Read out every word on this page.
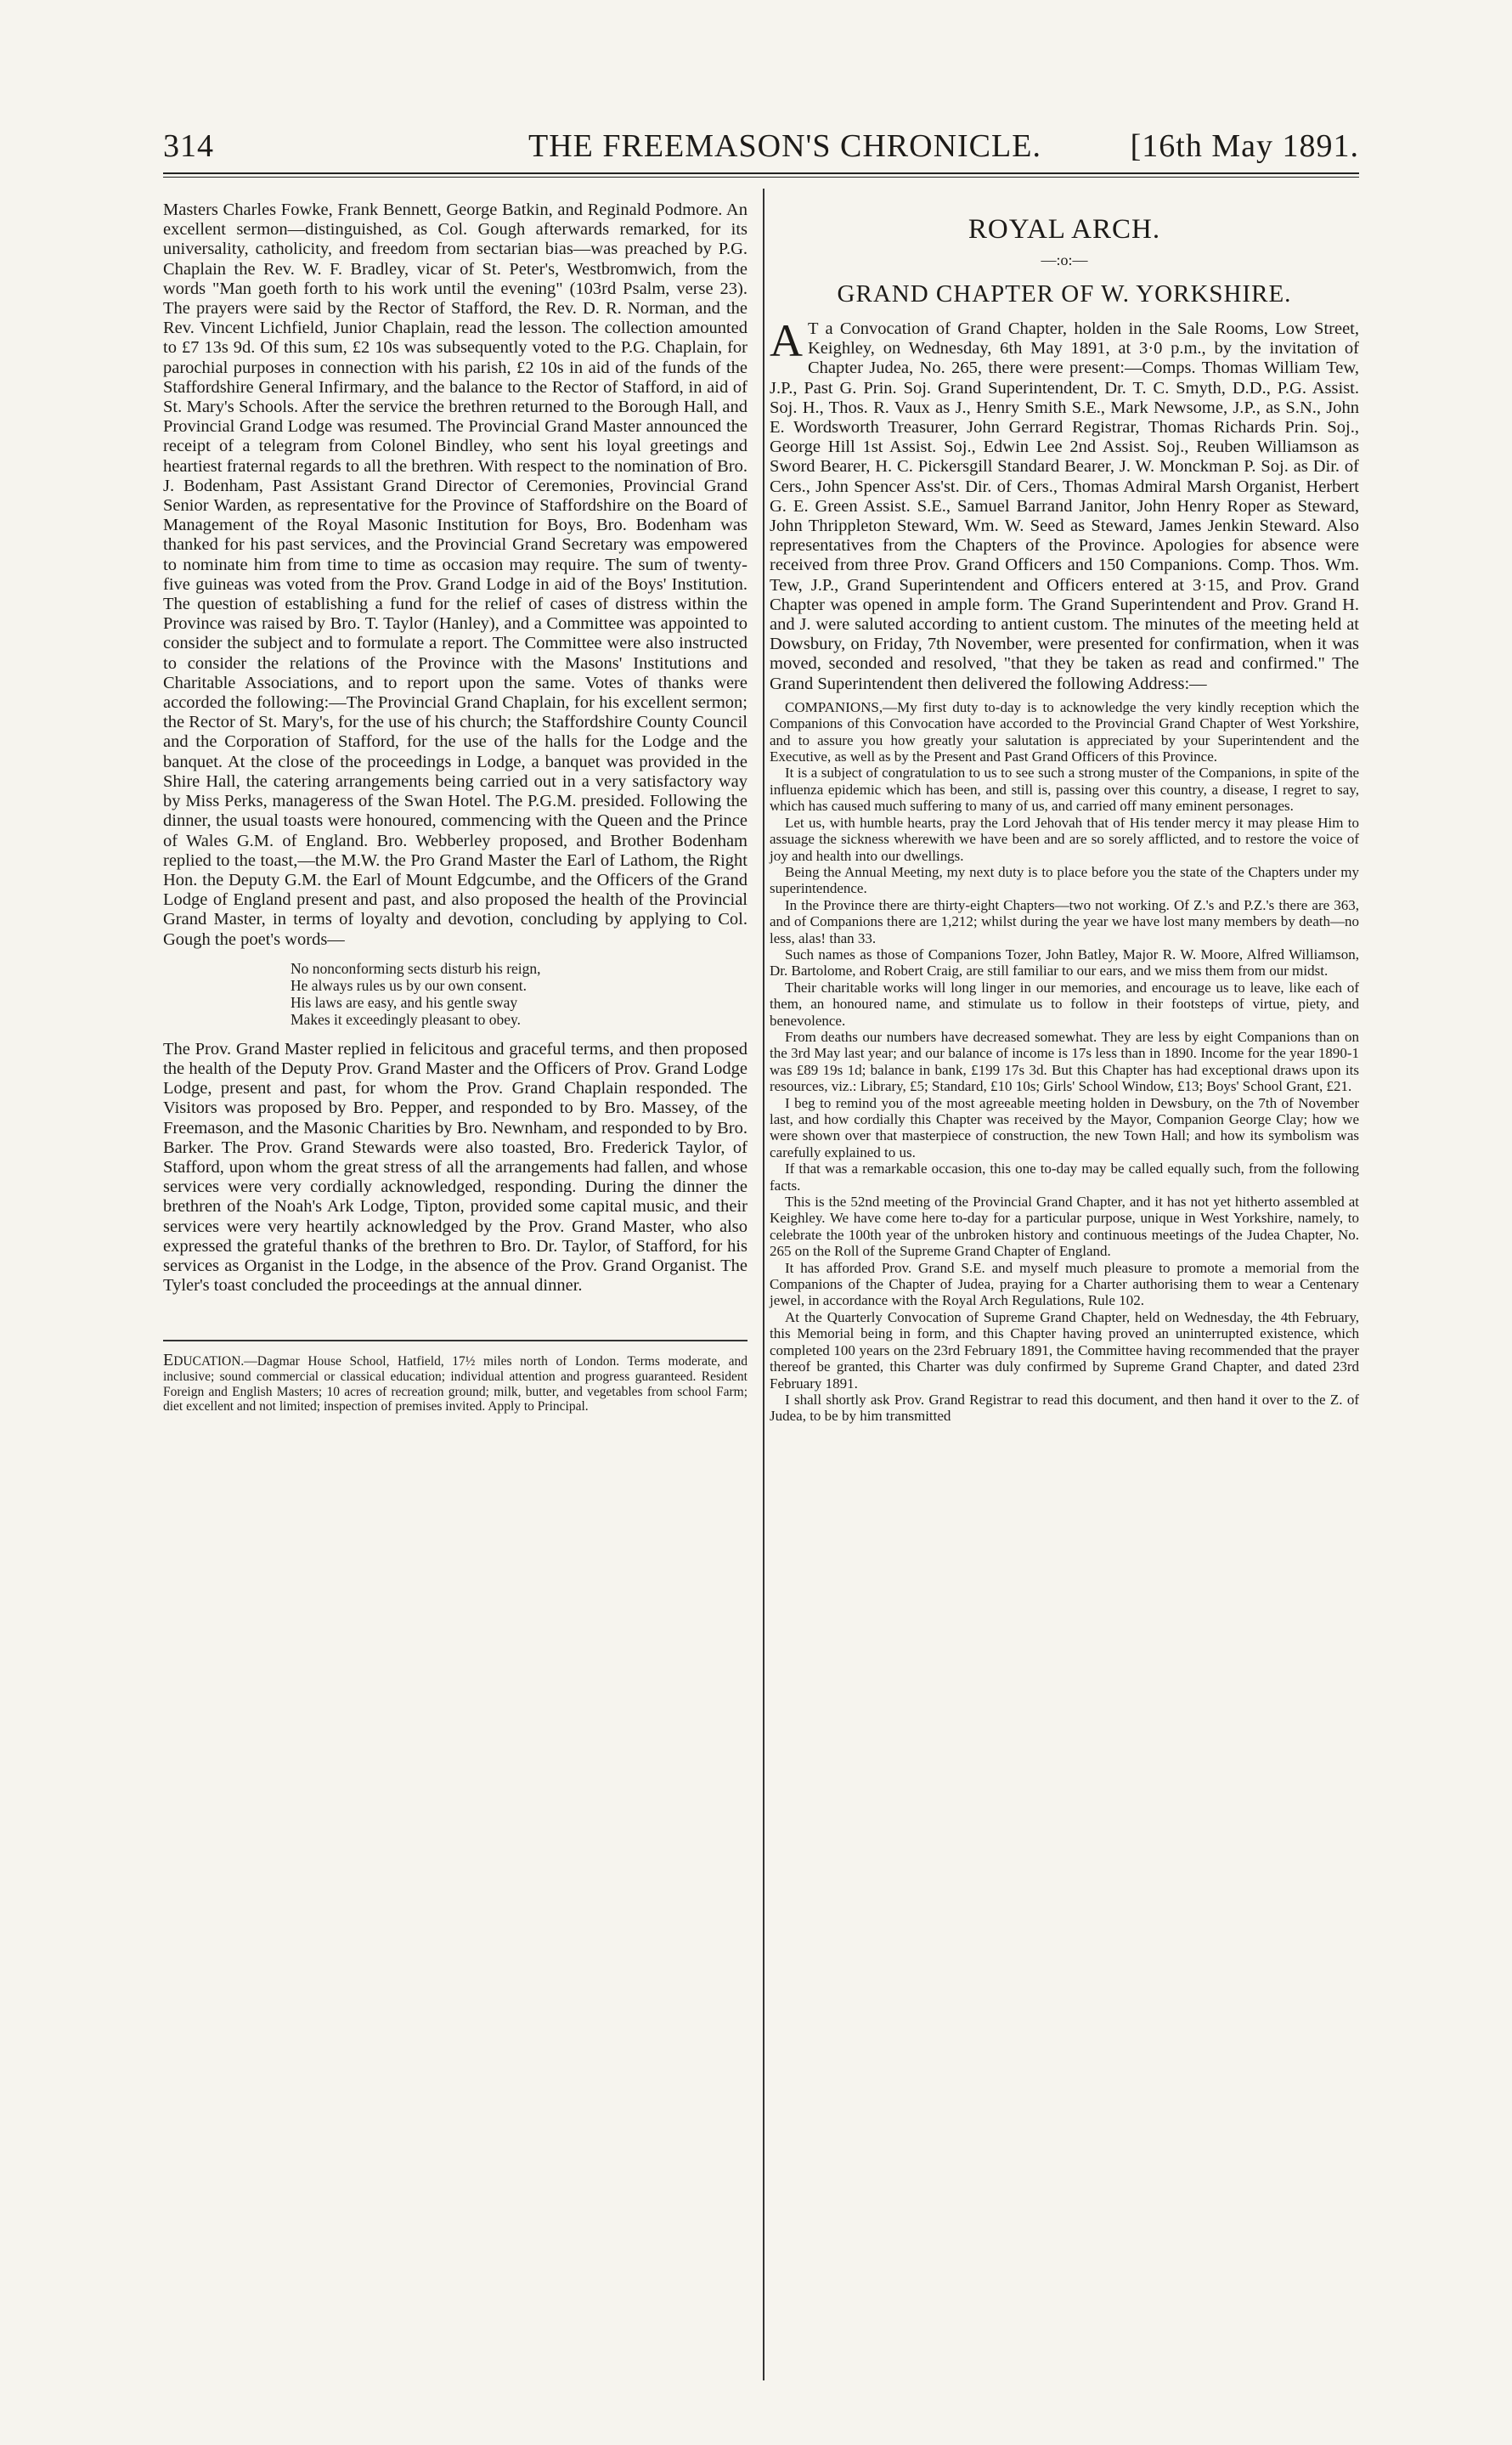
314	THE FREEMASON'S CHRONICLE.	[16th May 1891.

Masters Charles Fowke, Frank Bennett, George Batkin, and Reginald Podmore. An excellent sermon—distinguished, as Col. Gough afterwards remarked, for its universality, catholicity, and freedom from sectarian bias—was preached by P.G. Chaplain the Rev. W. F. Bradley, vicar of St. Peter's, Westbromwich, from the words "Man goeth forth to his work until the evening" (103rd Psalm, verse 23). The prayers were said by the Rector of Stafford, the Rev. D. R. Norman, and the Rev. Vincent Lichfield, Junior Chaplain, read the lesson. The collection amounted to £7 13s 9d. Of this sum, £2 10s was subsequently voted to the P.G. Chaplain, for parochial purposes in connection with his parish, £2 10s in aid of the funds of the Staffordshire General Infirmary, and the balance to the Rector of Stafford, in aid of St. Mary's Schools. After the service the brethren returned to the Borough Hall, and Provincial Grand Lodge was resumed. The Provincial Grand Master announced the receipt of a telegram from Colonel Bindley, who sent his loyal greetings and heartiest fraternal regards to all the brethren. With respect to the nomination of Bro. J. Bodenham, Past Assistant Grand Director of Ceremonies, Provincial Grand Senior Warden, as representative for the Province of Staffordshire on the Board of Management of the Royal Masonic Institution for Boys, Bro. Bodenham was thanked for his past services, and the Provincial Grand Secretary was empowered to nominate him from time to time as occasion may require. The sum of twenty-five guineas was voted from the Prov. Grand Lodge in aid of the Boys' Institution. The question of establishing a fund for the relief of cases of distress within the Province was raised by Bro. T. Taylor (Hanley), and a Committee was appointed to consider the subject and to formulate a report. The Committee were also instructed to consider the relations of the Province with the Masons' Institutions and Charitable Associations, and to report upon the same. Votes of thanks were accorded the following:—The Provincial Grand Chaplain, for his excellent sermon; the Rector of St. Mary's, for the use of his church; the Staffordshire County Council and the Corporation of Stafford, for the use of the halls for the Lodge and the banquet. At the close of the proceedings in Lodge, a banquet was provided in the Shire Hall, the catering arrangements being carried out in a very satisfactory way by Miss Perks, manageress of the Swan Hotel. The P.G.M. presided. Following the dinner, the usual toasts were honoured, commencing with the Queen and the Prince of Wales G.M. of England. Bro. Webberley proposed, and Brother Bodenham replied to the toast,—the M.W. the Pro Grand Master the Earl of Lathom, the Right Hon. the Deputy G.M. the Earl of Mount Edgcumbe, and the Officers of the Grand Lodge of England present and past, and also proposed the health of the Provincial Grand Master, in terms of loyalty and devotion, concluding by applying to Col. Gough the poet's words—

No nonconforming sects disturb his reign,
He always rules us by our own consent.
His laws are easy, and his gentle sway
Makes it exceedingly pleasant to obey.

The Prov. Grand Master replied in felicitous and graceful terms, and then proposed the health of the Deputy Prov. Grand Master and the Officers of Prov. Grand Lodge Lodge, present and past, for whom the Prov. Grand Chaplain responded. The Visitors was proposed by Bro. Pepper, and responded to by Bro. Massey, of the Freemason, and the Masonic Charities by Bro. Newnham, and responded to by Bro. Barker. The Prov. Grand Stewards were also toasted, Bro. Frederick Taylor, of Stafford, upon whom the great stress of all the arrangements had fallen, and whose services were very cordially acknowledged, responding. During the dinner the brethren of the Noah's Ark Lodge, Tipton, provided some capital music, and their services were very heartily acknowledged by the Prov. Grand Master, who also expressed the grateful thanks of the brethren to Bro. Dr. Taylor, of Stafford, for his services as Organist in the Lodge, in the absence of the Prov. Grand Organist. The Tyler's toast concluded the proceedings at the annual dinner.

EDUCATION.—Dagmar House School, Hatfield, 17½ miles north of London. Terms moderate, and inclusive; sound commercial or classical education; individual attention and progress guaranteed. Resident Foreign and English Masters; 10 acres of recreation ground; milk, butter, and vegetables from school Farm; diet excellent and not limited; inspection of premises invited. Apply to Principal.

ROYAL ARCH.
—:o:—
GRAND CHAPTER OF W. YORKSHIRE.

A T a Convocation of Grand Chapter, holden in the Sale Rooms, Low Street, Keighley, on Wednesday, 6th May 1891, at 3·0 p.m., by the invitation of Chapter Judea, No. 265, there were present:—Comps. Thomas William Tew, J.P., Past G. Prin. Soj. Grand Superintendent, Dr. T. C. Smyth, D.D., P.G. Assist. Soj. H., Thos. R. Vaux as J., Henry Smith S.E., Mark Newsome, J.P., as S.N., John E. Wordsworth Treasurer, John Gerrard Registrar, Thomas Richards Prin. Soj., George Hill 1st Assist. Soj., Edwin Lee 2nd Assist. Soj., Reuben Williamson as Sword Bearer, H. C. Pickersgill Standard Bearer, J. W. Monckman P. Soj. as Dir. of Cers., John Spencer Ass'st. Dir. of Cers., Thomas Admiral Marsh Organist, Herbert G. E. Green Assist. S.E., Samuel Barrand Janitor, John Henry Roper as Steward, John Thrippleton Steward, Wm. W. Seed as Steward, James Jenkin Steward. Also representatives from the Chapters of the Province. Apologies for absence were received from three Prov. Grand Officers and 150 Companions. Comp. Thos. Wm. Tew, J.P., Grand Superintendent and Officers entered at 3·15, and Prov. Grand Chapter was opened in ample form. The Grand Superintendent and Prov. Grand H. and J. were saluted according to antient custom. The minutes of the meeting held at Dowsbury, on Friday, 7th November, were presented for confirmation, when it was moved, seconded and resolved, "that they be taken as read and confirmed." The Grand Superintendent then delivered the following Address:—

COMPANIONS,—My first duty to-day is to acknowledge the very kindly reception which the Companions of this Convocation have accorded to the Provincial Grand Chapter of West Yorkshire, and to assure you how greatly your salutation is appreciated by your Superintendent and the Executive, as well as by the Present and Past Grand Officers of this Province.

It is a subject of congratulation to us to see such a strong muster of the Companions, in spite of the influenza epidemic which has been, and still is, passing over this country, a disease, I regret to say, which has caused much suffering to many of us, and carried off many eminent personages.

Let us, with humble hearts, pray the Lord Jehovah that of His tender mercy it may please Him to assuage the sickness wherewith we have been and are so sorely afflicted, and to restore the voice of joy and health into our dwellings.

Being the Annual Meeting, my next duty is to place before you the state of the Chapters under my superintendence.

In the Province there are thirty-eight Chapters—two not working. Of Z.'s and P.Z.'s there are 363, and of Companions there are 1,212; whilst during the year we have lost many members by death—no less, alas! than 33.

Such names as those of Companions Tozer, John Batley, Major R. W. Moore, Alfred Williamson, Dr. Bartolome, and Robert Craig, are still familiar to our ears, and we miss them from our midst.

Their charitable works will long linger in our memories, and encourage us to leave, like each of them, an honoured name, and stimulate us to follow in their footsteps of virtue, piety, and benevolence.

From deaths our numbers have decreased somewhat. They are less by eight Companions than on the 3rd May last year; and our balance of income is 17s less than in 1890. Income for the year 1890-1 was £89 19s 1d; balance in bank, £199 17s 3d. But this Chapter has had exceptional draws upon its resources, viz.: Library, £5; Standard, £10 10s; Girls' School Window, £13; Boys' School Grant, £21.

I beg to remind you of the most agreeable meeting holden in Dewsbury, on the 7th of November last, and how cordially this Chapter was received by the Mayor, Companion George Clay; how we were shown over that masterpiece of construction, the new Town Hall; and how its symbolism was carefully explained to us.

If that was a remarkable occasion, this one to-day may be called equally such, from the following facts.

This is the 52nd meeting of the Provincial Grand Chapter, and it has not yet hitherto assembled at Keighley. We have come here to-day for a particular purpose, unique in West Yorkshire, namely, to celebrate the 100th year of the unbroken history and continuous meetings of the Judea Chapter, No. 265 on the Roll of the Supreme Grand Chapter of England.

It has afforded Prov. Grand S.E. and myself much pleasure to promote a memorial from the Companions of the Chapter of Judea, praying for a Charter authorising them to wear a Centenary jewel, in accordance with the Royal Arch Regulations, Rule 102.

At the Quarterly Convocation of Supreme Grand Chapter, held on Wednesday, the 4th February, this Memorial being in form, and this Chapter having proved an uninterrupted existence, which completed 100 years on the 23rd February 1891, the Committee having recommended that the prayer thereof be granted, this Charter was duly confirmed by Supreme Grand Chapter, and dated 23rd February 1891.

I shall shortly ask Prov. Grand Registrar to read this document, and then hand it over to the Z. of Judea, to be by him transmitted
